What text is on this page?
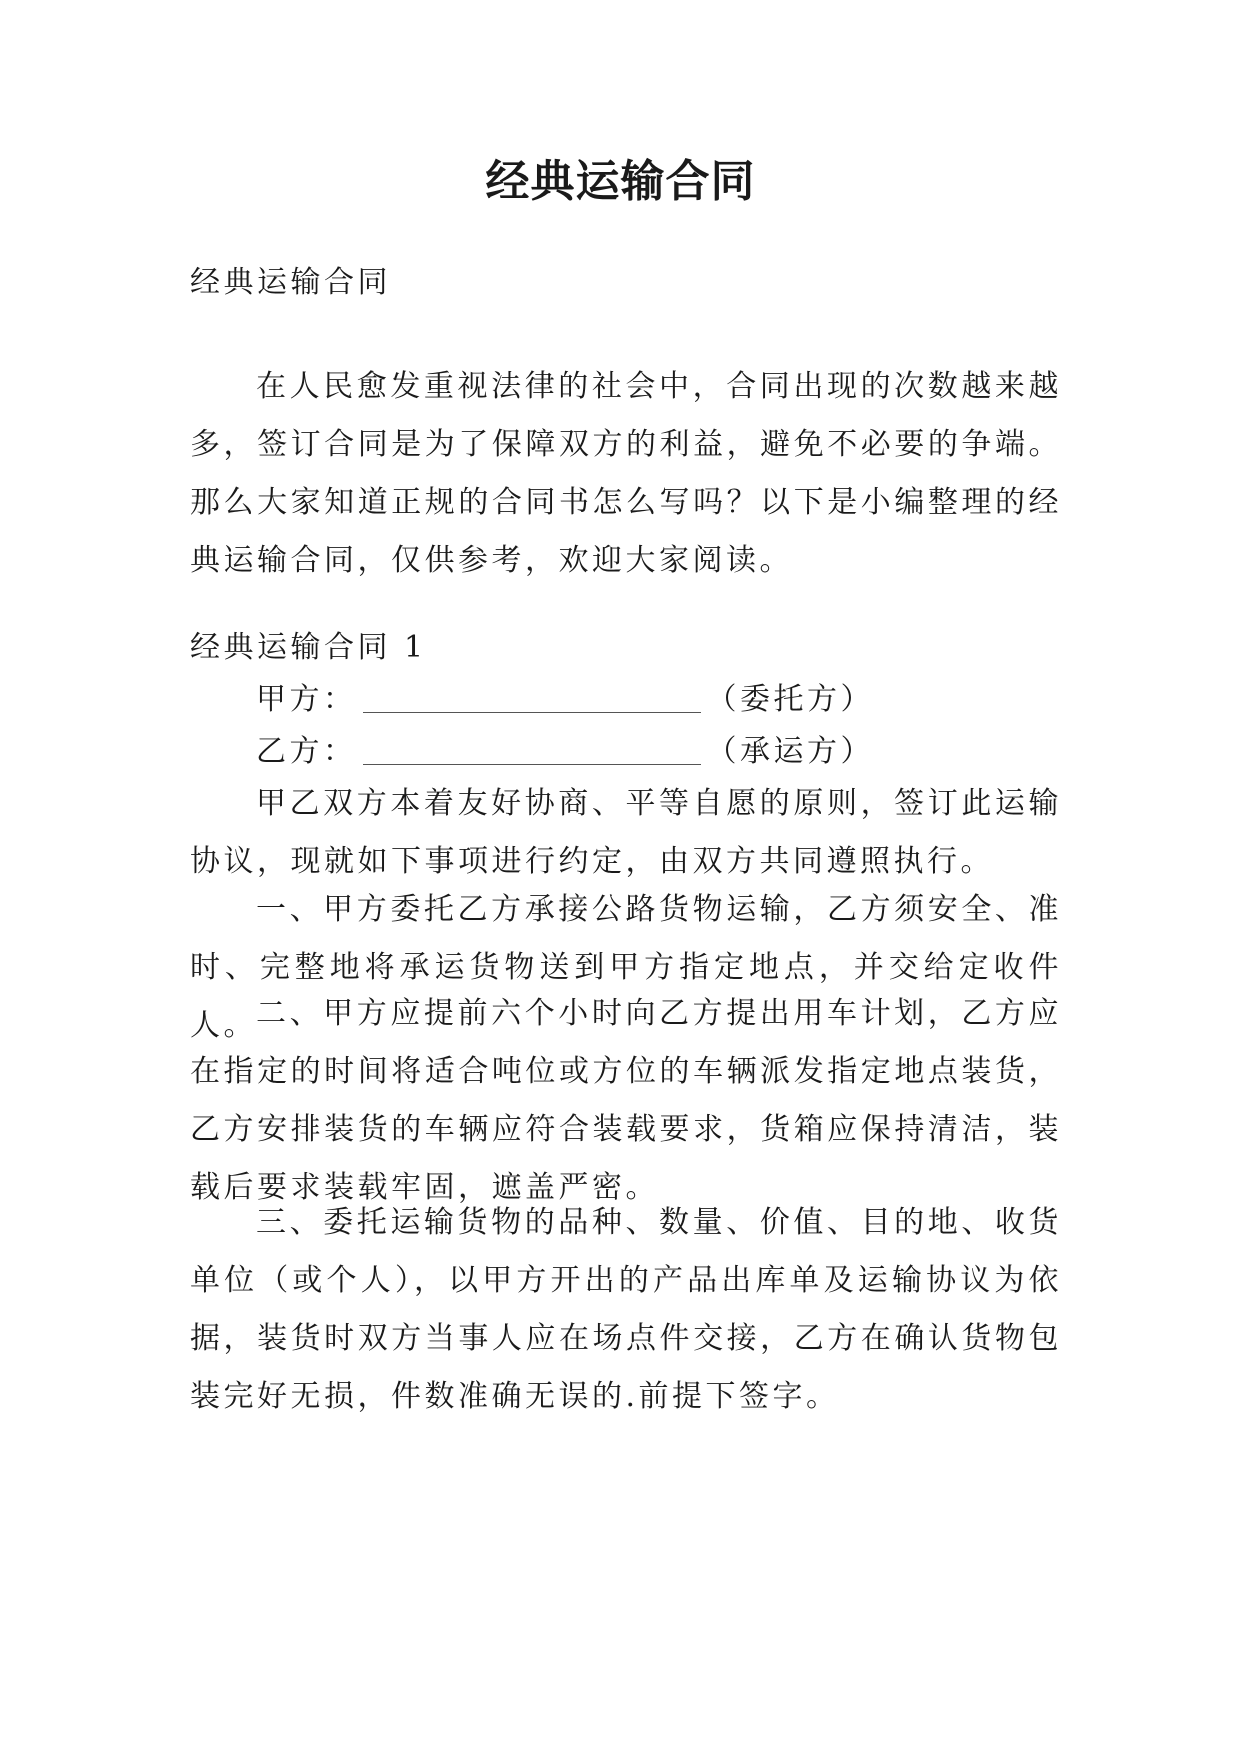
经典运输合同
经典运输合同
在人民愈发重视法律的社会中，合同出现的次数越来越多，签订合同是为了保障双方的利益，避免不必要的争端。那么大家知道正规的合同书怎么写吗？以下是小编整理的经典运输合同，仅供参考，欢迎大家阅读。
经典运输合同 1
甲方：	（委托方）
乙方：	（承运方）
甲乙双方本着友好协商、平等自愿的原则，签订此运输协议，现就如下事项进行约定，由双方共同遵照执行。
一、甲方委托乙方承接公路货物运输，乙方须安全、准时、完整地将承运货物送到甲方指定地点，并交给定收件人。 二、甲方应提前六个小时向乙方提出用车计划，乙方应在指定的时间将适合吨位或方位的车辆派发指定地点装货，乙方安排装货的车辆应符合装载要求，货箱应保持清洁，装载后要求装载牢固，遮盖严密。
三、委托运输货物的品种、数量、价值、目的地、收货单位（或个人），以甲方开出的产品出库单及运输协议为依据，装货时双方当事人应在场点件交接，乙方在确认货物包装完好无损，件数准确无误的.前提下签字。
